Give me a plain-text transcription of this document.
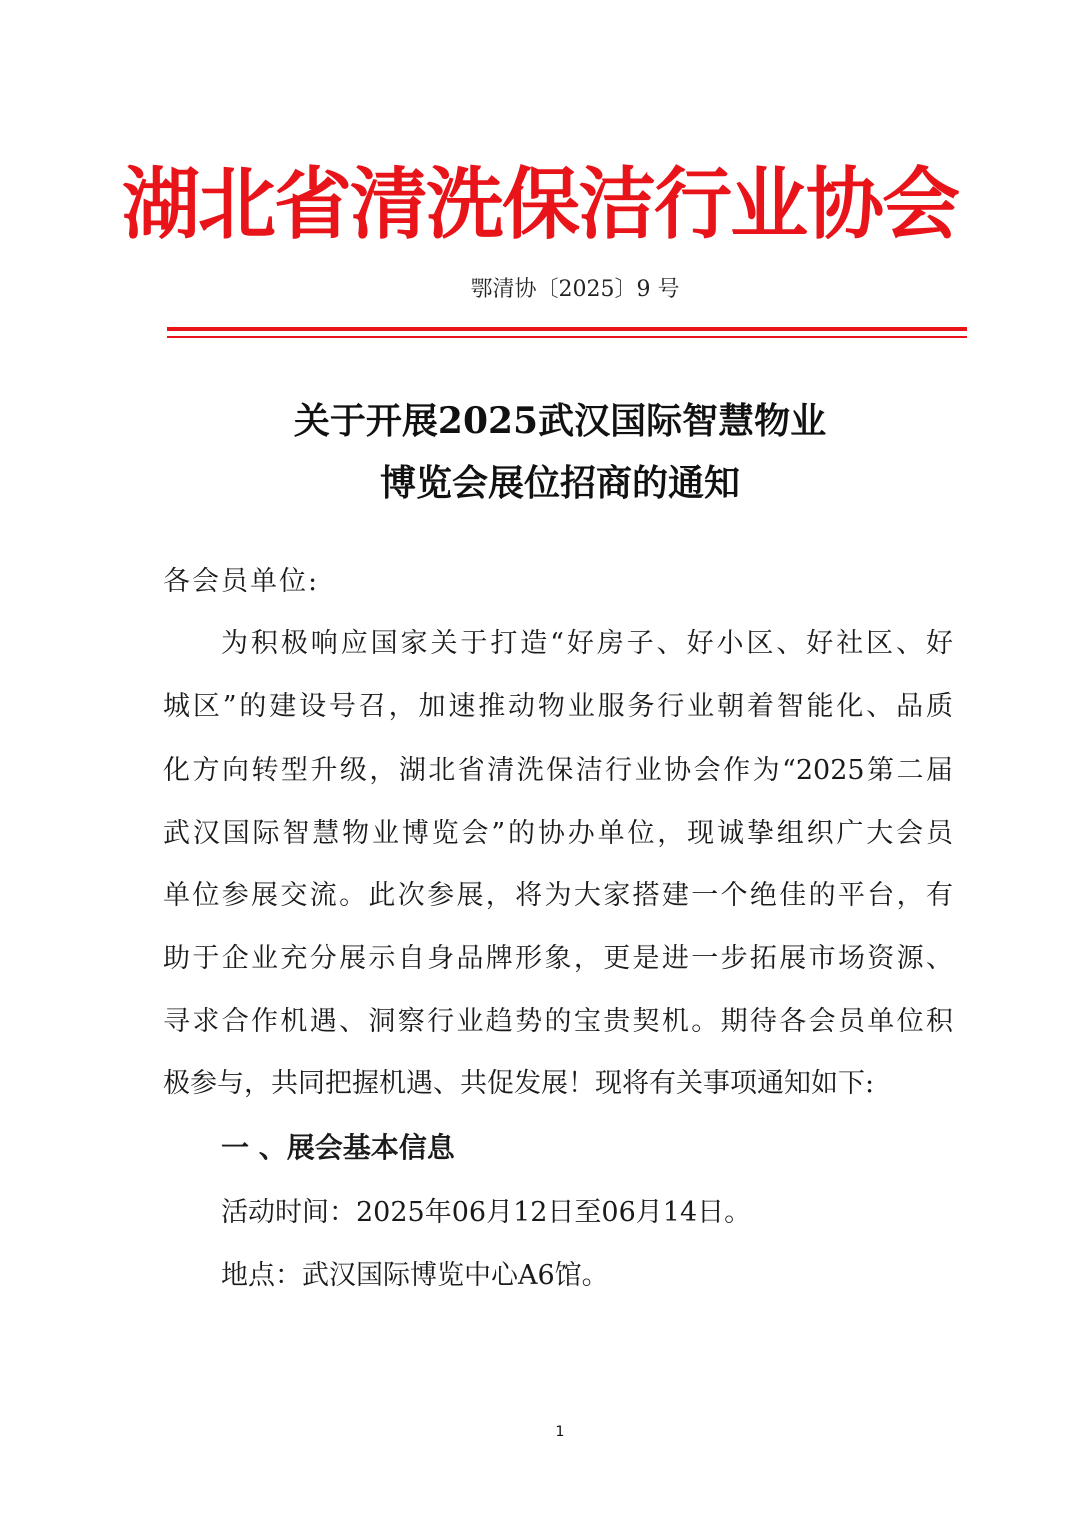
湖北省清洗保洁行业协会
鄂清协〔2025〕9 号
关于开展2025武汉国际智慧物业
博览会展位招商的通知
各会员单位:
为积极响应国家关于打造“好房子、好小区、好社区、好
城区”的建设号召，加速推动物业服务行业朝着智能化、品质
化方向转型升级，湖北省清洗保洁行业协会作为“2025第二届
武汉国际智慧物业博览会”的协办单位，现诚挚组织广大会员
单位参展交流。此次参展，将为大家搭建一个绝佳的平台，有
助于企业充分展示自身品牌形象，更是进一步拓展市场资源、
寻求合作机遇、洞察行业趋势的宝贵契机。期待各会员单位积
极参与，共同把握机遇、共促发展！现将有关事项通知如下:
一 、展会基本信息
活动时间：2025年06月12日至06月14日。
地点：武汉国际博览中心A6馆。
1
